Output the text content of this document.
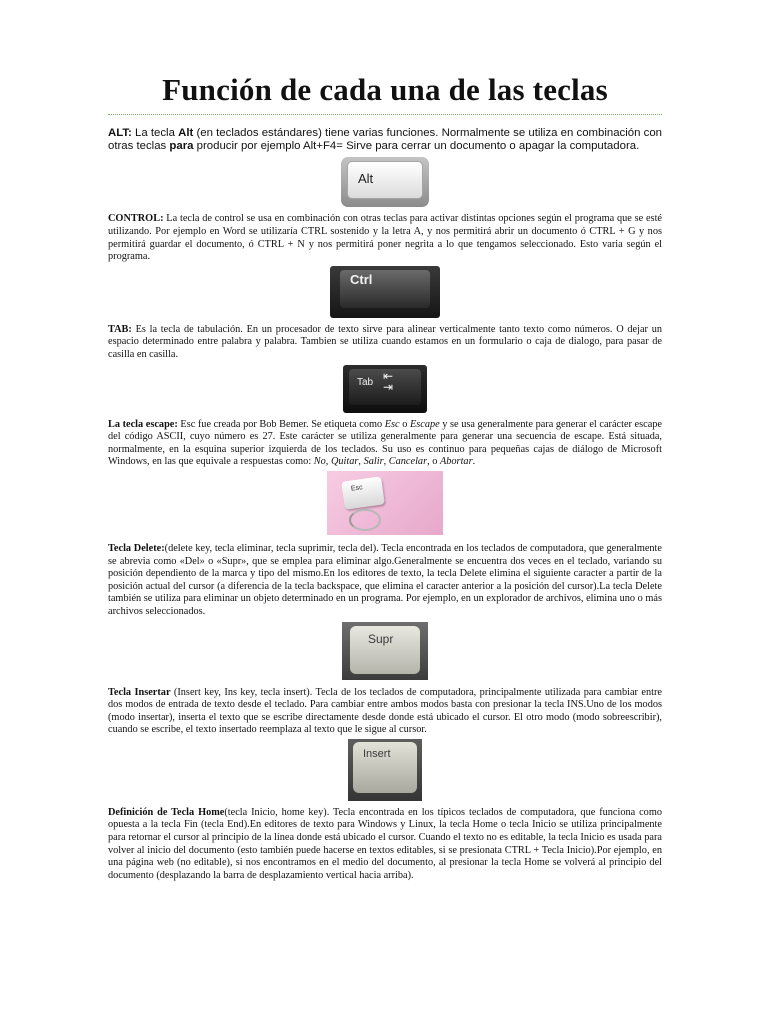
Función de cada una de las teclas

ALT: La tecla Alt (en teclados estándares) tiene varias funciones. Normalmente se utiliza en combinación con otras teclas para producir por ejemplo Alt+F4= Sirve para cerrar un documento o apagar la computadora.

Alt

CONTROL: La tecla de control se usa en combinación con otras teclas para activar distintas opciones según el programa que se esté utilizando. Por ejemplo en Word se utilizaría CTRL sostenido y la letra A, y nos permitirá abrir un documento ó CTRL + G y nos permitirá guardar el documento, ó CTRL + N y nos permitirá poner negrita a lo que tengamos seleccionado. Esto varia según el programa.

Ctrl

TAB: Es la tecla de tabulación. En un procesador de texto sirve para alinear verticalmente tanto texto como números. O dejar un espacio determinado entre palabra y palabra. Tambien se utiliza cuando estamos en un formulario o caja de dialogo, para pasar de casilla en casilla.

Tab ⇤
⇥

La tecla escape: Esc fue creada por Bob Bemer. Se etiqueta como Esc o Escape y se usa generalmente para generar el carácter escape del código ASCII, cuyo número es 27. Este carácter se utiliza generalmente para generar una secuencia de escape. Está situada, normalmente, en la esquina superior izquierda de los teclados. Su uso es continuo para pequeñas cajas de diálogo de Microsoft Windows, en las que equivale a respuestas como: No, Quitar, Salir, Cancelar, o Abortar.

Esc

Tecla Delete:(delete key, tecla eliminar, tecla suprimir, tecla del). Tecla encontrada en los teclados de computadora, que generalmente se abrevia como «Del» o «Supr», que se emplea para eliminar algo.Generalmente se encuentra dos veces en el teclado, variando su posición dependiento de la marca y tipo del mismo.En los editores de texto, la tecla Delete elimina el siguiente caracter a partir de la posición actual del cursor (a diferencia de la tecla backspace, que elimina el caracter anterior a la posición del cursor).La tecla Delete también se utiliza para eliminar un objeto determinado en un programa. Por ejemplo, en un explorador de archivos, elimina uno o más archivos seleccionados.

Supr

Tecla Insertar (Insert key, Ins key, tecla insert). Tecla de los teclados de computadora, principalmente utilizada para cambiar entre dos modos de entrada de texto desde el teclado. Para cambiar entre ambos modos basta con presionar la tecla INS.Uno de los modos (modo insertar), inserta el texto que se escribe directamente desde donde está ubicado el cursor. El otro modo (modo sobreescribir), cuando se escribe, el texto insertado reemplaza al texto que le sigue al cursor.

Insert

Definición de Tecla Home(tecla Inicio, home key). Tecla encontrada en los típicos teclados de computadora, que funciona como opuesta a la tecla Fin (tecla End).En editores de texto para Windows y Linux, la tecla Home o tecla Inicio se utiliza principalmente para retornar el cursor al principio de la línea donde está ubicado el cursor. Cuando el texto no es editable, la tecla Inicio es usada para volver al inicio del documento (esto también puede hacerse en textos editables, si se presionata CTRL + Tecla Inicio).Por ejemplo, en una página web (no editable), si nos encontramos en el medio del documento, al presionar la tecla Home se volverá al principio del documento (desplazando la barra de desplazamiento vertical hacia arriba).
